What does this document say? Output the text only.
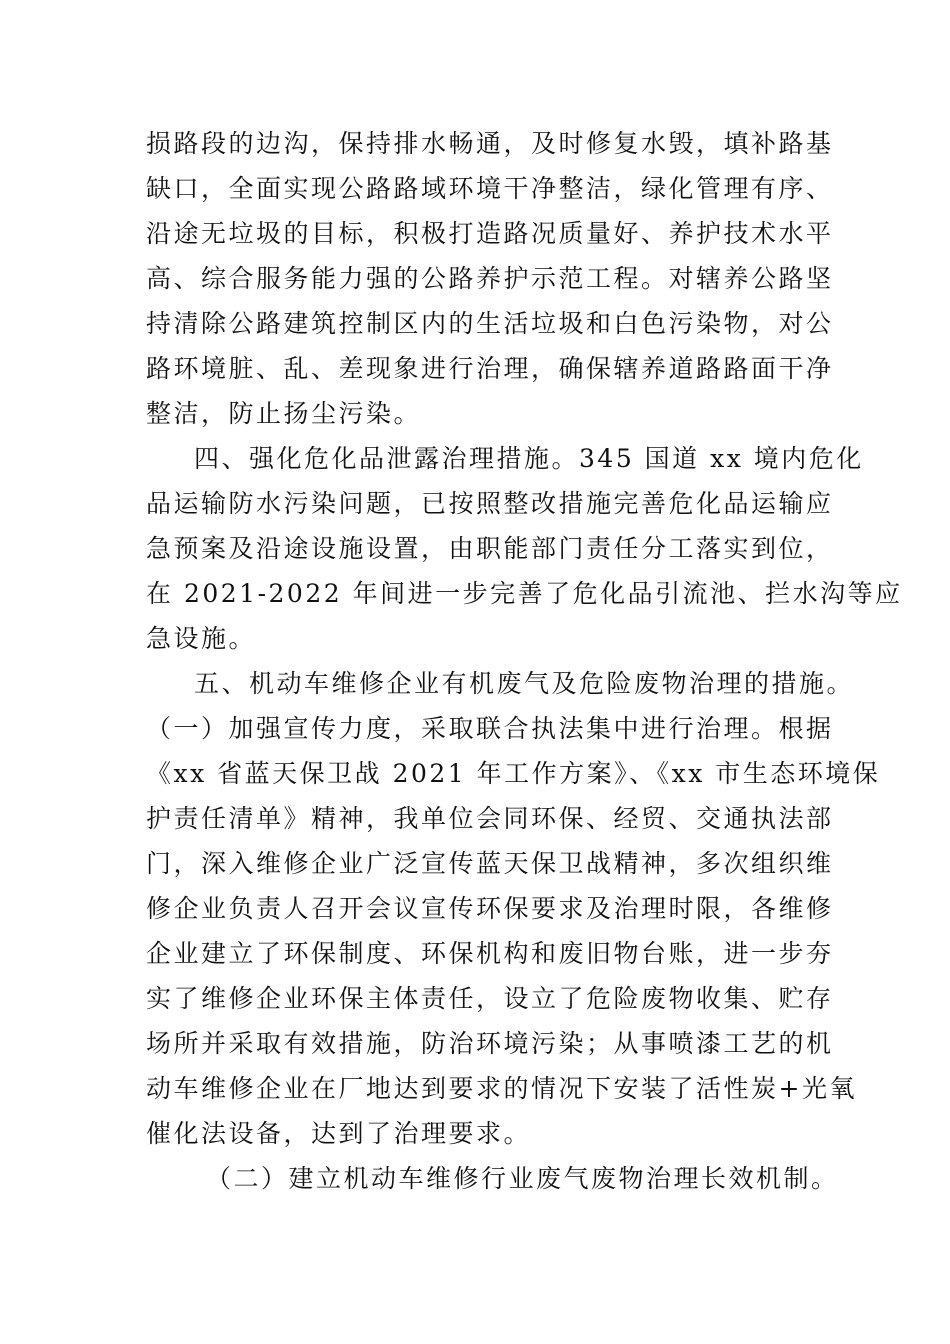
损路段的边沟，保持排水畅通，及时修复水毁，填补路基
缺口，全面实现公路路域环境干净整洁，绿化管理有序、
沿途无垃圾的目标，积极打造路况质量好、养护技术水平
高、综合服务能力强的公路养护示范工程。对辖养公路坚
持清除公路建筑控制区内的生活垃圾和白色污染物，对公
路环境脏、乱、差现象进行治理，确保辖养道路路面干净
整洁，防止扬尘污染。
四、强化危化品泄露治理措施。345 国道 xx 境内危化
品运输防水污染问题，已按照整改措施完善危化品运输应
急预案及沿途设施设置，由职能部门责任分工落实到位，
在 2021-2022 年间进一步完善了危化品引流池、拦水沟等应
急设施。
五、机动车维修企业有机废气及危险废物治理的措施。
（一）加强宣传力度，采取联合执法集中进行治理。根据
《xx 省蓝天保卫战 2021 年工作方案》、《xx 市生态环境保
护责任清单》精神，我单位会同环保、经贸、交通执法部
门，深入维修企业广泛宣传蓝天保卫战精神，多次组织维
修企业负责人召开会议宣传环保要求及治理时限，各维修
企业建立了环保制度、环保机构和废旧物台账，进一步夯
实了维修企业环保主体责任，设立了危险废物收集、贮存
场所并采取有效措施，防治环境污染；从事喷漆工艺的机
动车维修企业在厂地达到要求的情况下安装了活性炭+光氧
催化法设备，达到了治理要求。
（二）建立机动车维修行业废气废物治理长效机制。
